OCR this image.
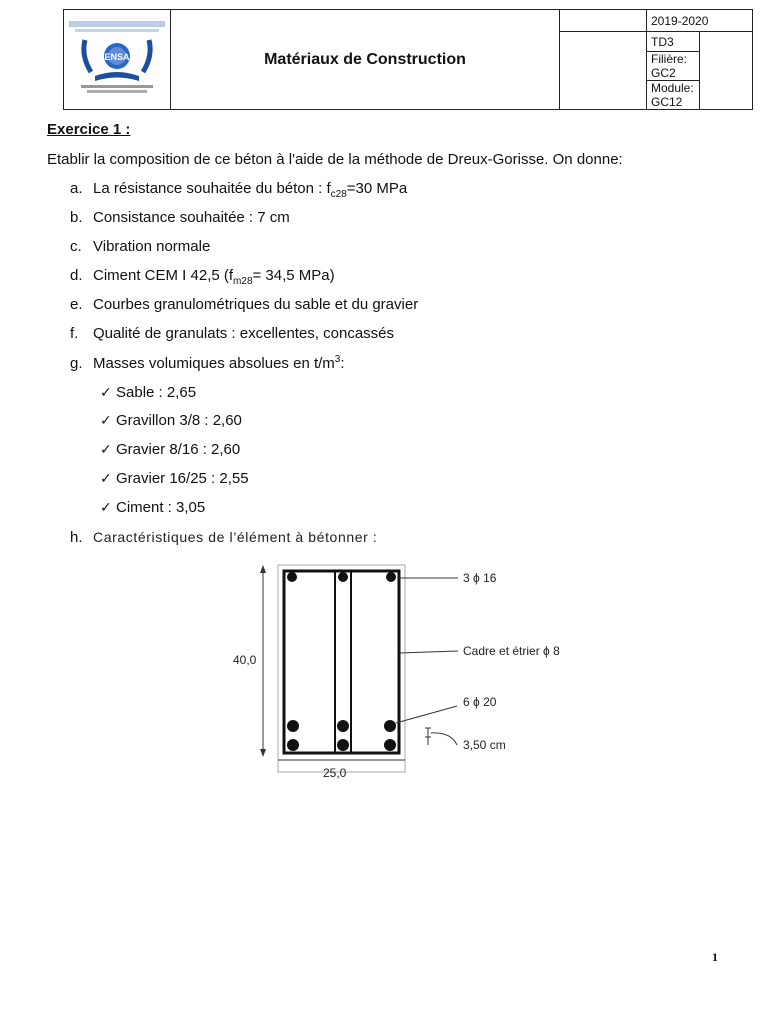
ENSA	Matériaux de Construction		2019-2020	
			TD3	
			Filière: GC2	
			Module: GC12	
Exercice 1 :
Etablir la composition de ce béton à l'aide de la méthode de Dreux-Gorisse. On donne:
a. La résistance souhaitée du béton : $f_{c28}=30$ MPa
b. Consistance souhaitée : 7 cm
c. Vibration normale
d. Ciment CEM I 42,5 ($f_{m28}= 34,5$ MPa)
e. Courbes granulométriques du sable et du gravier
f. Qualité de granulats : excellentes, concassés
g. Masses volumiques absolues en $t/m^3$:
✓ Sable : 2,65
✓ Gravillon 3/8 : 2,60
✓ Gravier 8/16 : 2,60
✓ Gravier 16/25 : 2,55
✓ Ciment : 3,05
h. Caractéristiques de l’élément à bétonner :
40,0
25,0
3 ϕ 16
Cadre et étrier ϕ 8
6 ϕ 20
3,50 cm
1
